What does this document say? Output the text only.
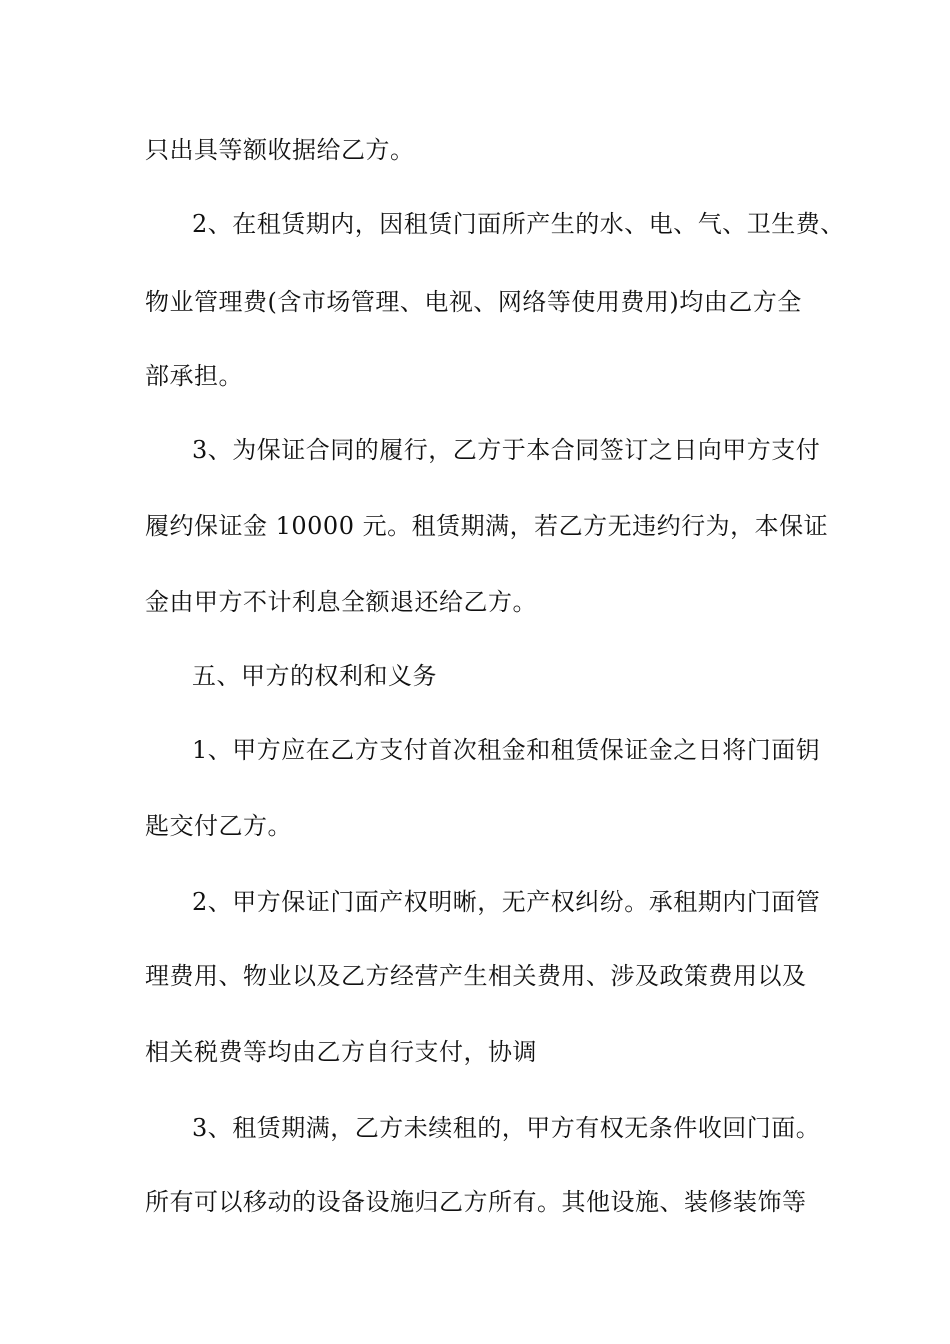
只出具等额收据给乙方。
2、在租赁期内，因租赁门面所产生的水、电、气、卫生费、
物业管理费(含市场管理、电视、网络等使用费用)均由乙方全
部承担。
3、为保证合同的履行，乙方于本合同签订之日向甲方支付
履约保证金 10000 元。租赁期满，若乙方无违约行为，本保证
金由甲方不计利息全额退还给乙方。
五、甲方的权利和义务
1、甲方应在乙方支付首次租金和租赁保证金之日将门面钥
匙交付乙方。
2、甲方保证门面产权明晰，无产权纠纷。承租期内门面管
理费用、物业以及乙方经营产生相关费用、涉及政策费用以及
相关税费等均由乙方自行支付，协调
3、租赁期满，乙方未续租的，甲方有权无条件收回门面。
所有可以移动的设备设施归乙方所有。其他设施、装修装饰等
